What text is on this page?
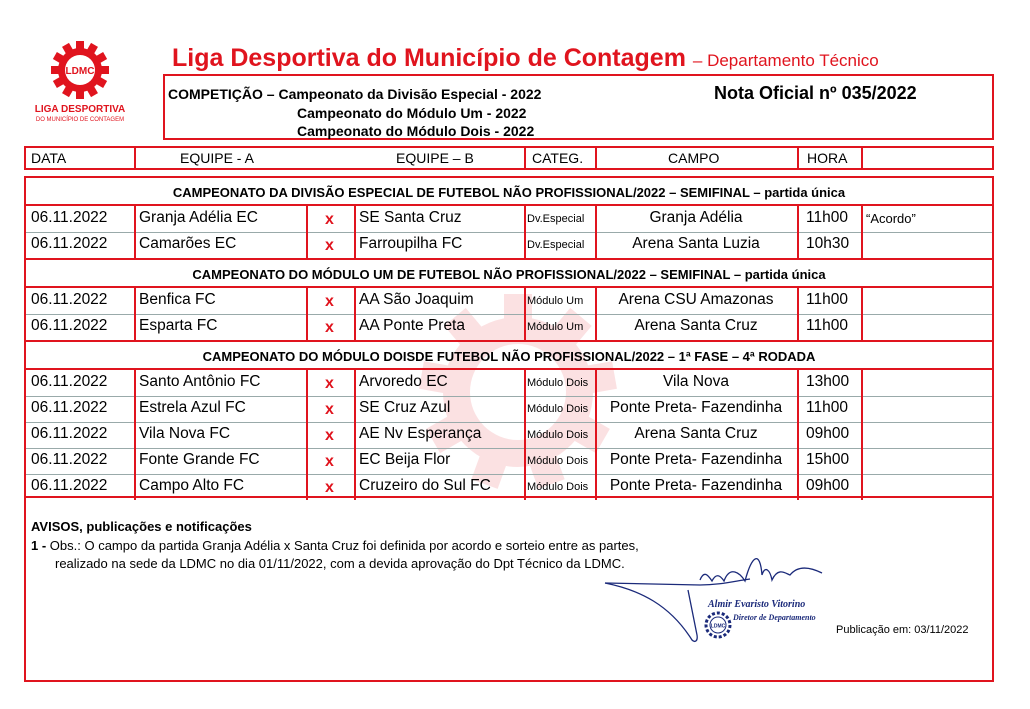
LDMC
LIGA DESPORTIVA
DO MUNICÍPIO DE CONTAGEM
Liga Desportiva do Município de Contagem – Departamento Técnico
COMPETIÇÃO – Campeonato da Divisão Especial - 2022
Campeonato do Módulo Um - 2022
Campeonato do Módulo Dois - 2022
Nota Oficial nº 035/2022
DATA	EQUIPE - A	EQUIPE – B	CATEG.	CAMPO	HORA
CAMPEONATO DA DIVISÃO ESPECIAL DE FUTEBOL NÃO PROFISSIONAL/2022 – SEMIFINAL – partida única
06.11.2022 Granja Adélia EC	x SE Santa Cruz	Dv.Especial	Granja Adélia	11h00 “Acordo”
06.11.2022 Camarões EC	x Farroupilha FC	Dv.Especial	Arena Santa Luzia	10h30
CAMPEONATO DO MÓDULO UM DE FUTEBOL NÃO PROFISSIONAL/2022 – SEMIFINAL – partida única
06.11.2022 Benfica FC	x AA São Joaquim	Módulo Um	Arena CSU Amazonas	11h00
06.11.2022 Esparta FC	x AA Ponte Preta	Módulo Um	Arena Santa Cruz	11h00
CAMPEONATO DO MÓDULO DOISDE FUTEBOL NÃO PROFISSIONAL/2022 – 1ª FASE – 4ª RODADA
06.11.2022 Santo Antônio FC	x Arvoredo EC	Módulo Dois	Vila Nova	13h00
06.11.2022 Estrela Azul FC	x SE Cruz Azul	Módulo Dois	Ponte Preta- Fazendinha	11h00
06.11.2022 Vila Nova FC	x AE Nv Esperança	Módulo Dois	Arena Santa Cruz	09h00
06.11.2022 Fonte Grande FC	x EC Beija Flor	Módulo Dois	Ponte Preta- Fazendinha	15h00
06.11.2022 Campo Alto FC	x Cruzeiro do Sul FC	Módulo Dois	Ponte Preta- Fazendinha	09h00
AVISOS, publicações e notificações
1 - Obs.: O campo da partida Granja Adélia x Santa Cruz foi definida por acordo e sorteio entre as partes,
realizado na sede da LDMC no dia 01/11/2022, com a devida aprovação do Dpt Técnico da LDMC.
Almir Evaristo Vitorino
Diretor de Departamento
LDMC	Publicação em: 03/11/2022
